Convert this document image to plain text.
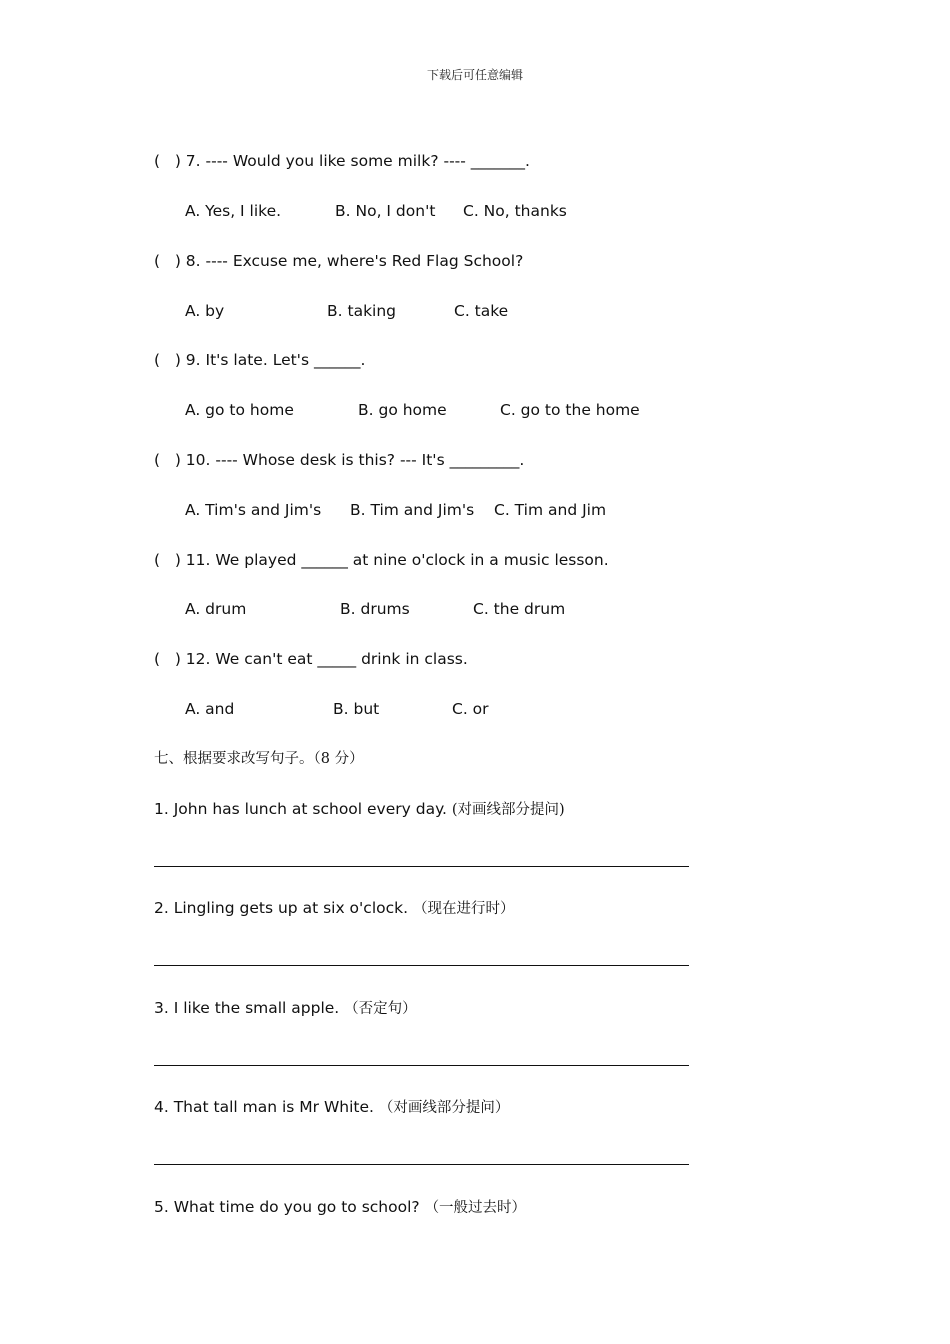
下载后可任意编辑
(   ) 7. ---- Would you like some milk? ---- _______.

A. Yes, I like.

	B. No, I don't

C. No, thanks

(   ) 8. ---- Excuse me, where's Red Flag School?

A. by

	B. taking

	C. take

(   ) 9. It's late. Let's ______.

A. go to home

	B. go home

	C. go to the home

(   ) 10. ---- Whose desk is this? --- It's _________.

A. Tim's and Jim's

B. Tim and Jim's

C. Tim and Jim

(   ) 11. We played ______ at nine o'clock in a music lesson.

A. drum

	B. drums

	C. the drum

(   ) 12. We can't eat _____ drink in class.

A. and

	B. but

	C. or

七、根据要求改写句子。（8 分）
1. John has lunch at school every day. (对画线部分提问)
2. Lingling gets up at six o'clock. （现在进行时）
3. I like the small apple. （否定句）
4. That tall man is Mr White. （对画线部分提问）
5. What time do you go to school? （一般过去时）
